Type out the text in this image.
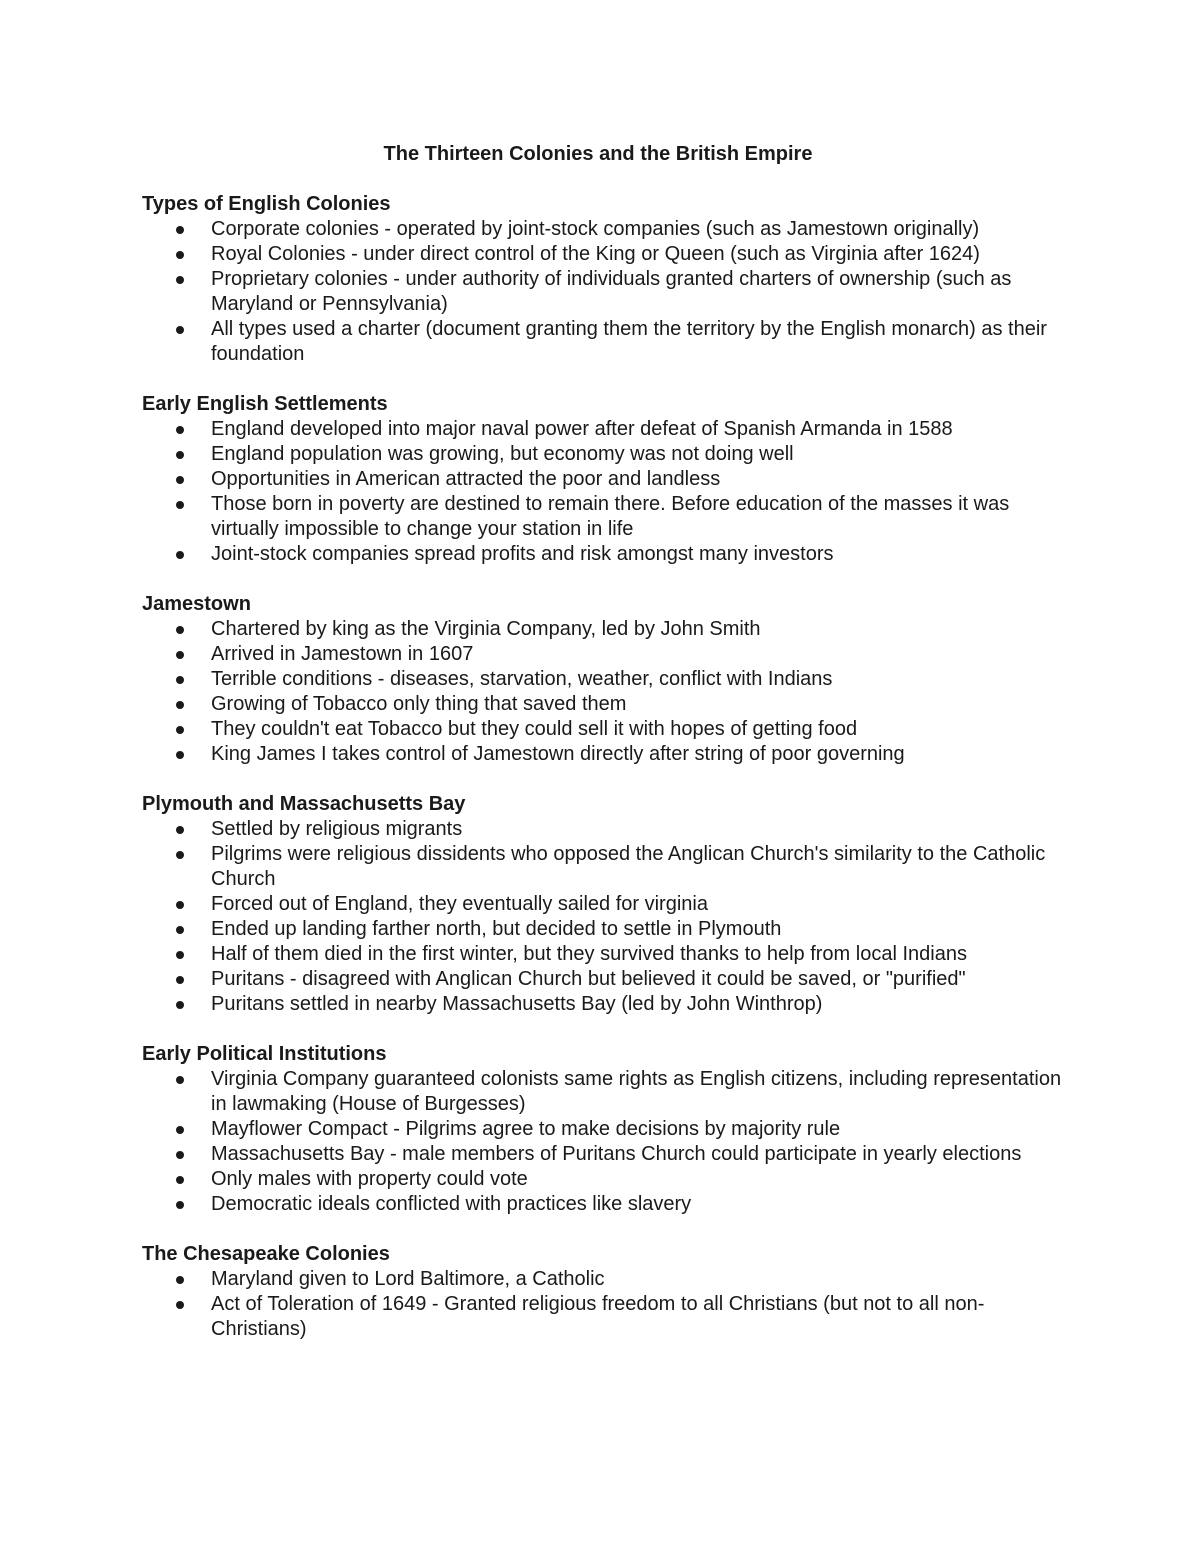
The Thirteen Colonies and the British Empire
Types of English Colonies
Corporate colonies - operated by joint-stock companies (such as Jamestown originally)
Royal Colonies - under direct control of the King or Queen (such as Virginia after 1624)
Proprietary colonies - under authority of individuals granted charters of ownership (such as Maryland or Pennsylvania)
All types used a charter (document granting them the territory by the English monarch) as their foundation
Early English Settlements
England developed into major naval power after defeat of Spanish Armanda in 1588
England population was growing, but economy was not doing well
Opportunities in American attracted the poor and landless
Those born in poverty are destined to remain there. Before education of the masses it was virtually impossible to change your station in life
Joint-stock companies spread profits and risk amongst many investors
Jamestown
Chartered by king as the Virginia Company, led by John Smith
Arrived in Jamestown in 1607
Terrible conditions - diseases, starvation, weather, conflict with Indians
Growing of Tobacco only thing that saved them
They couldn't eat Tobacco but they could sell it with hopes of getting food
King James I takes control of Jamestown directly after string of poor governing
Plymouth and Massachusetts Bay
Settled by religious migrants
Pilgrims were religious dissidents who opposed the Anglican Church's similarity to the Catholic Church
Forced out of England, they eventually sailed for virginia
Ended up landing farther north, but decided to settle in Plymouth
Half of them died in the first winter, but they survived thanks to help from local Indians
Puritans - disagreed with Anglican Church but believed it could be saved, or "purified"
Puritans settled in nearby Massachusetts Bay (led by John Winthrop)
Early Political Institutions
Virginia Company guaranteed colonists same rights as English citizens, including representation in lawmaking (House of Burgesses)
Mayflower Compact - Pilgrims agree to make decisions by majority rule
Massachusetts Bay - male members of Puritans Church could participate in yearly elections
Only males with property could vote
Democratic ideals conflicted with practices like slavery
The Chesapeake Colonies
Maryland given to Lord Baltimore, a Catholic
Act of Toleration of 1649 - Granted religious freedom to all Christians (but not to all non-Christians)
